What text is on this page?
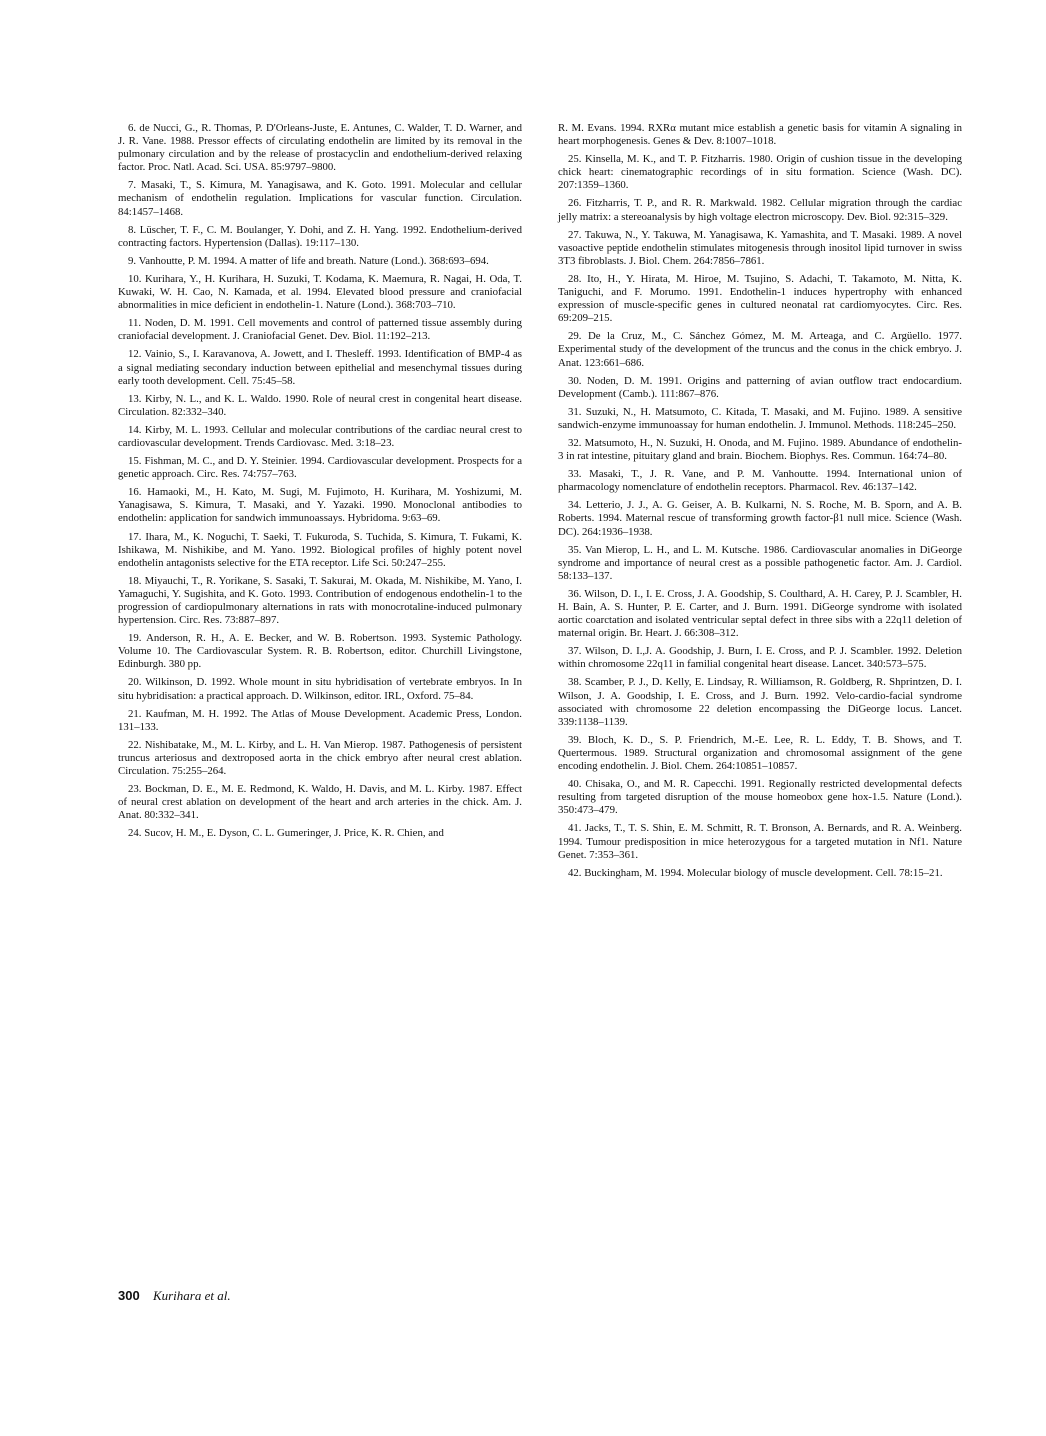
6. de Nucci, G., R. Thomas, P. D'Orleans-Juste, E. Antunes, C. Walder, T. D. Warner, and J. R. Vane. 1988. Pressor effects of circulating endothelin are limited by its removal in the pulmonary circulation and by the release of prostacyclin and endothelium-derived relaxing factor. Proc. Natl. Acad. Sci. USA. 85:9797–9800.

7. Masaki, T., S. Kimura, M. Yanagisawa, and K. Goto. 1991. Molecular and cellular mechanism of endothelin regulation. Implications for vascular function. Circulation. 84:1457–1468.

8. Lüscher, T. F., C. M. Boulanger, Y. Dohi, and Z. H. Yang. 1992. Endothelium-derived contracting factors. Hypertension (Dallas). 19:117–130.

9. Vanhoutte, P. M. 1994. A matter of life and breath. Nature (Lond.). 368:693–694.

10. Kurihara, Y., H. Kurihara, H. Suzuki, T. Kodama, K. Maemura, R. Nagai, H. Oda, T. Kuwaki, W. H. Cao, N. Kamada, et al. 1994. Elevated blood pressure and craniofacial abnormalities in mice deficient in endothelin-1. Nature (Lond.). 368:703–710.

11. Noden, D. M. 1991. Cell movements and control of patterned tissue assembly during craniofacial development. J. Craniofacial Genet. Dev. Biol. 11:192–213.

12. Vainio, S., I. Karavanova, A. Jowett, and I. Thesleff. 1993. Identification of BMP-4 as a signal mediating secondary induction between epithelial and mesenchymal tissues during early tooth development. Cell. 75:45–58.

13. Kirby, N. L., and K. L. Waldo. 1990. Role of neural crest in congenital heart disease. Circulation. 82:332–340.

14. Kirby, M. L. 1993. Cellular and molecular contributions of the cardiac neural crest to cardiovascular development. Trends Cardiovasc. Med. 3:18–23.

15. Fishman, M. C., and D. Y. Steinier. 1994. Cardiovascular development. Prospects for a genetic approach. Circ. Res. 74:757–763.

16. Hamaoki, M., H. Kato, M. Sugi, M. Fujimoto, H. Kurihara, M. Yoshizumi, M. Yanagisawa, S. Kimura, T. Masaki, and Y. Yazaki. 1990. Monoclonal antibodies to endothelin: application for sandwich immunoassays. Hybridoma. 9:63–69.

17. Ihara, M., K. Noguchi, T. Saeki, T. Fukuroda, S. Tuchida, S. Kimura, T. Fukami, K. Ishikawa, M. Nishikibe, and M. Yano. 1992. Biological profiles of highly potent novel endothelin antagonists selective for the ETA receptor. Life Sci. 50:247–255.

18. Miyauchi, T., R. Yorikane, S. Sasaki, T. Sakurai, M. Okada, M. Nishikibe, M. Yano, I. Yamaguchi, Y. Sugishita, and K. Goto. 1993. Contribution of endogenous endothelin-1 to the progression of cardiopulmonary alternations in rats with monocrotaline-induced pulmonary hypertension. Circ. Res. 73:887–897.

19. Anderson, R. H., A. E. Becker, and W. B. Robertson. 1993. Systemic Pathology. Volume 10. The Cardiovascular System. R. B. Robertson, editor. Churchill Livingstone, Edinburgh. 380 pp.

20. Wilkinson, D. 1992. Whole mount in situ hybridisation of vertebrate embryos. In In situ hybridisation: a practical approach. D. Wilkinson, editor. IRL, Oxford. 75–84.

21. Kaufman, M. H. 1992. The Atlas of Mouse Development. Academic Press, London. 131–133.

22. Nishibatake, M., M. L. Kirby, and L. H. Van Mierop. 1987. Pathogenesis of persistent truncus arteriosus and dextroposed aorta in the chick embryo after neural crest ablation. Circulation. 75:255–264.

23. Bockman, D. E., M. E. Redmond, K. Waldo, H. Davis, and M. L. Kirby. 1987. Effect of neural crest ablation on development of the heart and arch arteries in the chick. Am. J. Anat. 80:332–341.

24. Sucov, H. M., E. Dyson, C. L. Gumeringer, J. Price, K. R. Chien, and

R. M. Evans. 1994. RXRα mutant mice establish a genetic basis for vitamin A signaling in heart morphogenesis. Genes & Dev. 8:1007–1018.

25. Kinsella, M. K., and T. P. Fitzharris. 1980. Origin of cushion tissue in the developing chick heart: cinematographic recordings of in situ formation. Science (Wash. DC). 207:1359–1360.

26. Fitzharris, T. P., and R. R. Markwald. 1982. Cellular migration through the cardiac jelly matrix: a stereoanalysis by high voltage electron microscopy. Dev. Biol. 92:315–329.

27. Takuwa, N., Y. Takuwa, M. Yanagisawa, K. Yamashita, and T. Masaki. 1989. A novel vasoactive peptide endothelin stimulates mitogenesis through inositol lipid turnover in swiss 3T3 fibroblasts. J. Biol. Chem. 264:7856–7861.

28. Ito, H., Y. Hirata, M. Hiroe, M. Tsujino, S. Adachi, T. Takamoto, M. Nitta, K. Taniguchi, and F. Morumo. 1991. Endothelin-1 induces hypertrophy with enhanced expression of muscle-specific genes in cultured neonatal rat cardiomyocytes. Circ. Res. 69:209–215.

29. De la Cruz, M., C. Sánchez Gómez, M. M. Arteaga, and C. Argüello. 1977. Experimental study of the development of the truncus and the conus in the chick embryo. J. Anat. 123:661–686.

30. Noden, D. M. 1991. Origins and patterning of avian outflow tract endocardium. Development (Camb.). 111:867–876.

31. Suzuki, N., H. Matsumoto, C. Kitada, T. Masaki, and M. Fujino. 1989. A sensitive sandwich-enzyme immunoassay for human endothelin. J. Immunol. Methods. 118:245–250.

32. Matsumoto, H., N. Suzuki, H. Onoda, and M. Fujino. 1989. Abundance of endothelin-3 in rat intestine, pituitary gland and brain. Biochem. Biophys. Res. Commun. 164:74–80.

33. Masaki, T., J. R. Vane, and P. M. Vanhoutte. 1994. International union of pharmacology nomenclature of endothelin receptors. Pharmacol. Rev. 46:137–142.

34. Letterio, J. J., A. G. Geiser, A. B. Kulkarni, N. S. Roche, M. B. Sporn, and A. B. Roberts. 1994. Maternal rescue of transforming growth factor-β1 null mice. Science (Wash. DC). 264:1936–1938.

35. Van Mierop, L. H., and L. M. Kutsche. 1986. Cardiovascular anomalies in DiGeorge syndrome and importance of neural crest as a possible pathogenetic factor. Am. J. Cardiol. 58:133–137.

36. Wilson, D. I., I. E. Cross, J. A. Goodship, S. Coulthard, A. H. Carey, P. J. Scambler, H. H. Bain, A. S. Hunter, P. E. Carter, and J. Burn. 1991. DiGeorge syndrome with isolated aortic coarctation and isolated ventricular septal defect in three sibs with a 22q11 deletion of maternal origin. Br. Heart. J. 66:308–312.

37. Wilson, D. I.,J. A. Goodship, J. Burn, I. E. Cross, and P. J. Scambler. 1992. Deletion within chromosome 22q11 in familial congenital heart disease. Lancet. 340:573–575.

38. Scamber, P. J., D. Kelly, E. Lindsay, R. Williamson, R. Goldberg, R. Shprintzen, D. I. Wilson, J. A. Goodship, I. E. Cross, and J. Burn. 1992. Velo-cardio-facial syndrome associated with chromosome 22 deletion encompassing the DiGeorge locus. Lancet. 339:1138–1139.

39. Bloch, K. D., S. P. Friendrich, M.-E. Lee, R. L. Eddy, T. B. Shows, and T. Quertermous. 1989. Structural organization and chromosomal assignment of the gene encoding endothelin. J. Biol. Chem. 264:10851–10857.

40. Chisaka, O., and M. R. Capecchi. 1991. Regionally restricted developmental defects resulting from targeted disruption of the mouse homeobox gene hox-1.5. Nature (Lond.). 350:473–479.

41. Jacks, T., T. S. Shin, E. M. Schmitt, R. T. Bronson, A. Bernards, and R. A. Weinberg. 1994. Tumour predisposition in mice heterozygous for a targeted mutation in Nf1. Nature Genet. 7:353–361.

42. Buckingham, M. 1994. Molecular biology of muscle development. Cell. 78:15–21.

300 Kurihara et al.
